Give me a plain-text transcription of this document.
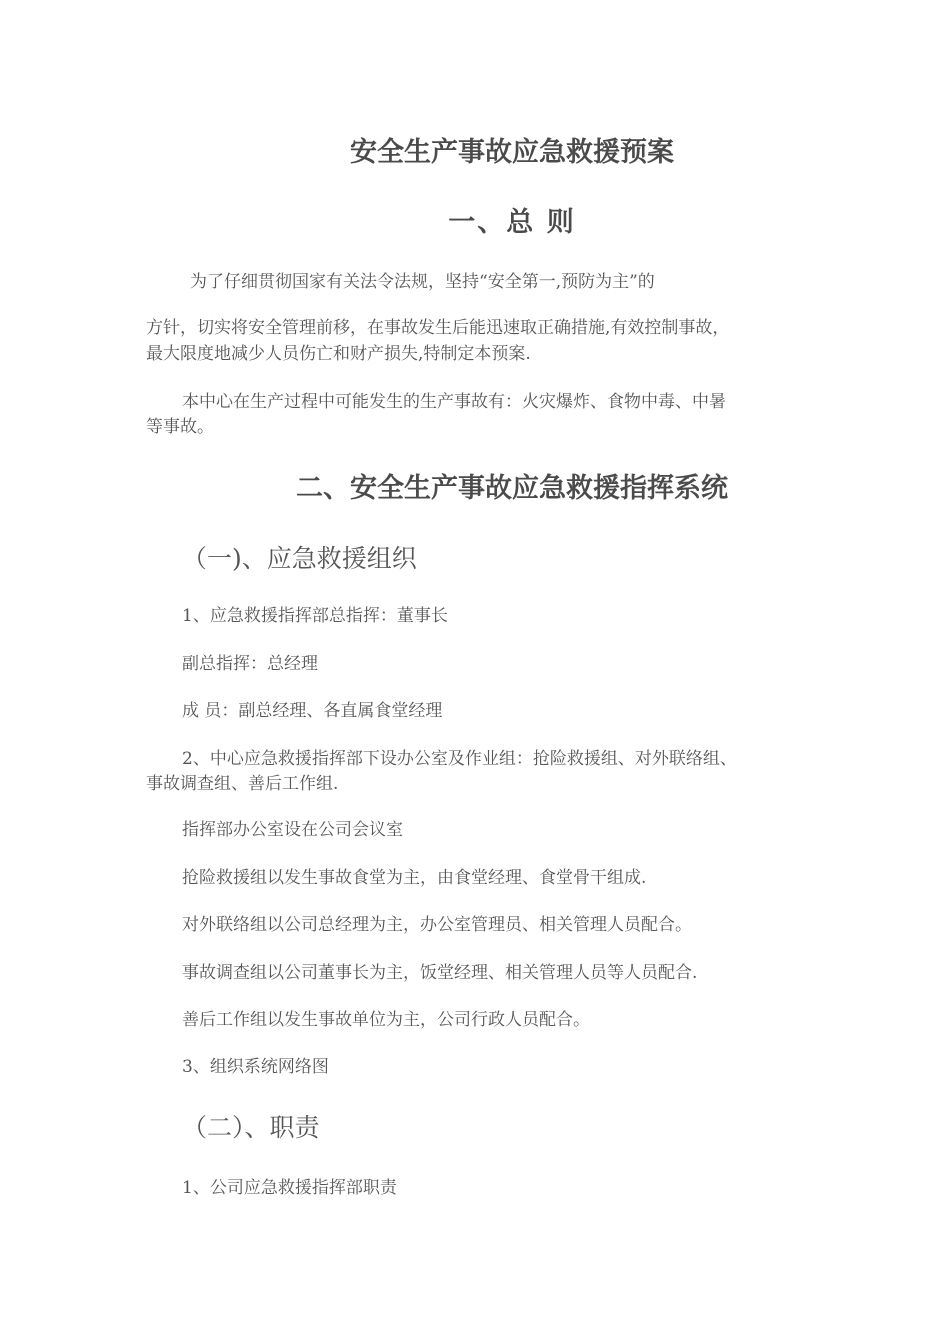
安全生产事故应急救援预案

一、总 则

为了仔细贯彻国家有关法令法规，坚持“安全第一,预防为主”的

方针，切实将安全管理前移，在事故发生后能迅速取正确措施,有效控制事故，

最大限度地减少人员伤亡和财产损失,特制定本预案.

本中心在生产过程中可能发生的生产事故有：火灾爆炸、食物中毒、中暑

等事故。

二、安全生产事故应急救援指挥系统

（一)、应急救援组织

1、应急救援指挥部总指挥：董事长

副总指挥：总经理

成 员：副总经理、各直属食堂经理

2、中心应急救援指挥部下设办公室及作业组：抢险救援组、对外联络组、

事故调查组、善后工作组.

指挥部办公室设在公司会议室

抢险救援组以发生事故食堂为主，由食堂经理、食堂骨干组成.

对外联络组以公司总经理为主，办公室管理员、相关管理人员配合。

事故调查组以公司董事长为主，饭堂经理、相关管理人员等人员配合.

善后工作组以发生事故单位为主，公司行政人员配合。

3、组织系统网络图

（二）、职责

1、公司应急救援指挥部职责
